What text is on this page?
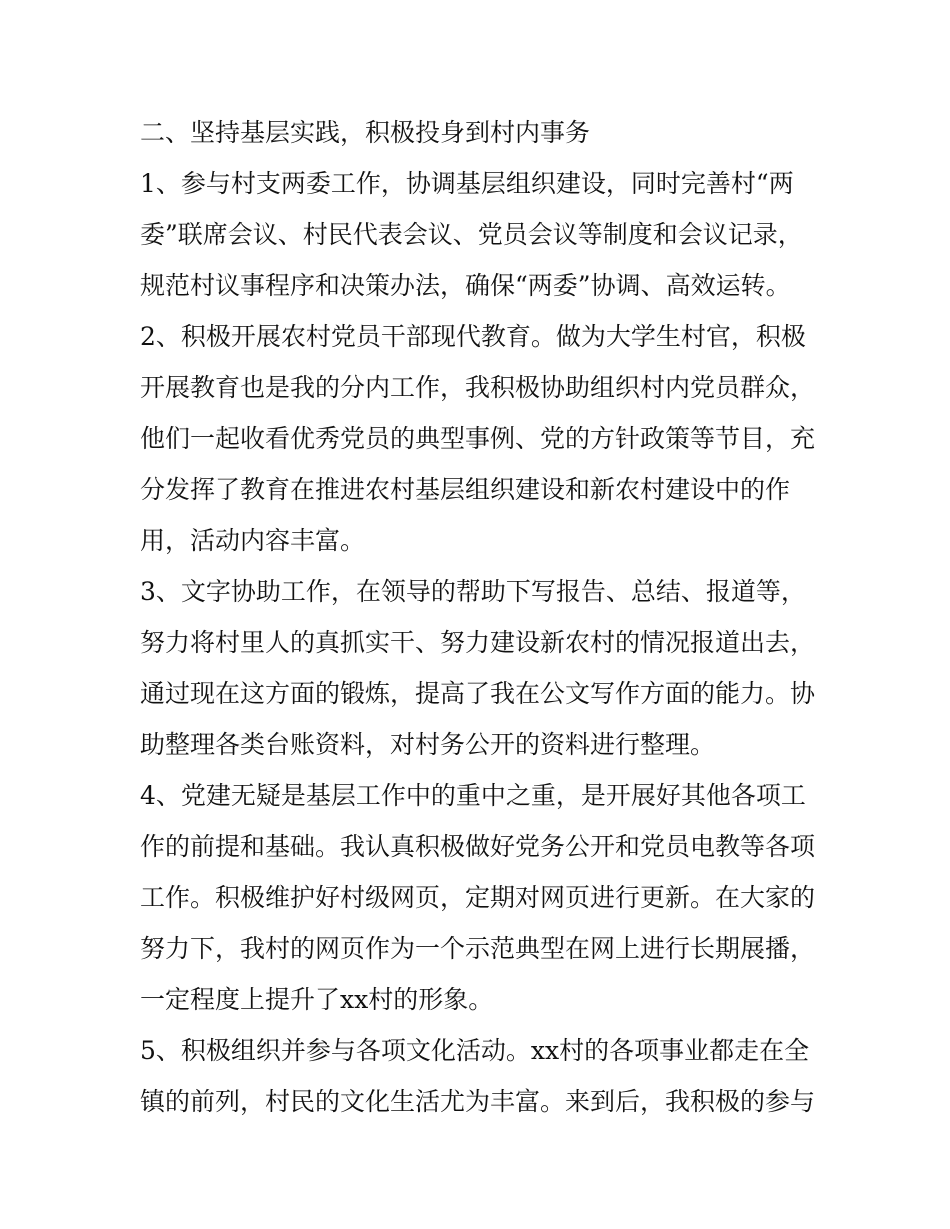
二、坚持基层实践，积极投身到村内事务
1、参与村支两委工作，协调基层组织建设，同时完善村“两
委”联席会议、村民代表会议、党员会议等制度和会议记录，
规范村议事程序和决策办法，确保“两委”协调、高效运转。
2、积极开展农村党员干部现代教育。做为大学生村官，积极
开展教育也是我的分内工作，我积极协助组织村内党员群众，
他们一起收看优秀党员的典型事例、党的方针政策等节目，充
分发挥了教育在推进农村基层组织建设和新农村建设中的作
用，活动内容丰富。
3、文字协助工作，在领导的帮助下写报告、总结、报道等，
努力将村里人的真抓实干、努力建设新农村的情况报道出去，
通过现在这方面的锻炼，提高了我在公文写作方面的能力。协
助整理各类台账资料，对村务公开的资料进行整理。
4、党建无疑是基层工作中的重中之重，是开展好其他各项工
作的前提和基础。我认真积极做好党务公开和党员电教等各项
工作。积极维护好村级网页，定期对网页进行更新。在大家的
努力下，我村的网页作为一个示范典型在网上进行长期展播，
一定程度上提升了xx村的形象。
5、积极组织并参与各项文化活动。xx村的各项事业都走在全
镇的前列，村民的文化生活尤为丰富。来到后，我积极的参与
